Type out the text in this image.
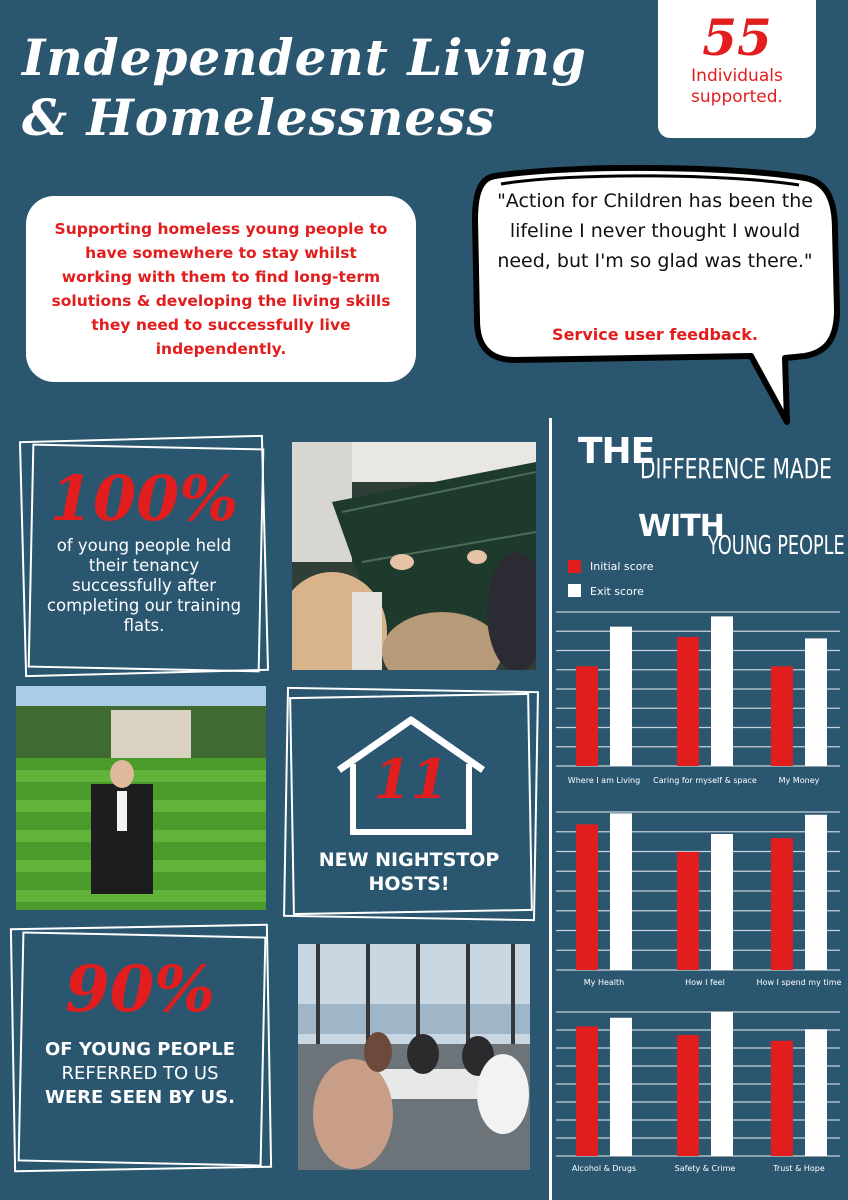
Independent Living
& Homelessness
55
Individuals
supported.
Supporting homeless young people to have somewhere to stay whilst working with them to find long-term solutions & developing the living skills they need to successfully live independently.
"Action for Children has been the lifeline I never thought I would need, but I'm so glad was there."
Service user feedback.
100%
of young people held their tenancy successfully after completing our training flats.
11
NEW NIGHTSTOP
HOSTS!
90%
OF YOUNG PEOPLE
REFERRED TO US
WERE SEEN BY US.
THE
DIFFERENCE MADE
WITH
YOUNG PEOPLE
Initial score
Exit score
Where I am Living	Caring for myself & space	My Money
My Health	How I feel	How I spend my time
Alcohol & Drugs	Safety & Crime	Trust & Hope
